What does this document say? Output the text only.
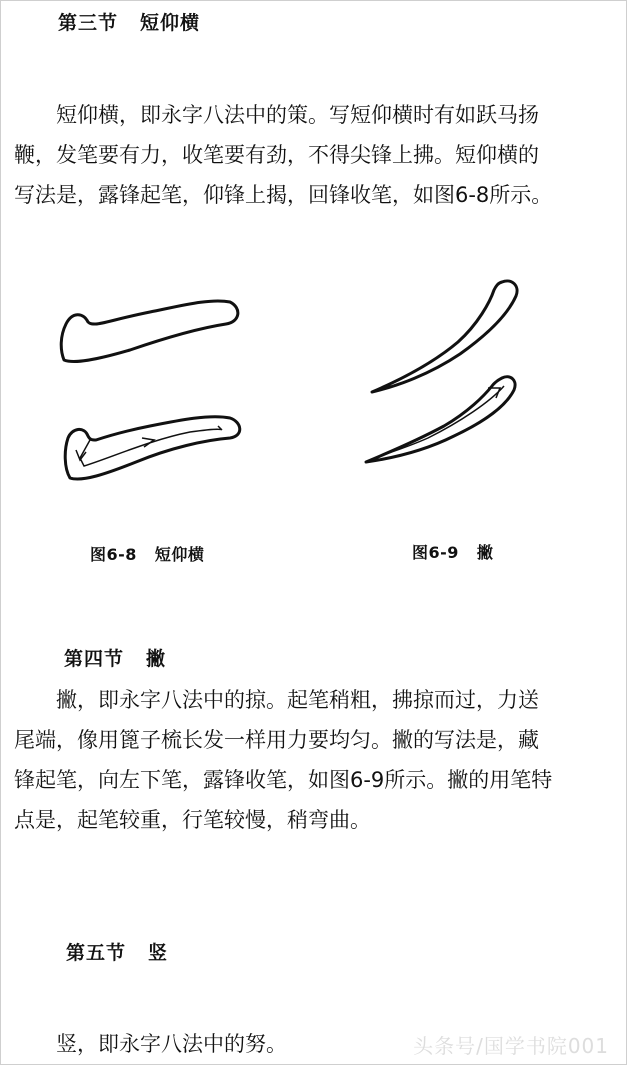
第三节 短仰横

短仰横，即永字八法中的策。写短仰横时有如跃马扬
鞭，发笔要有力，收笔要有劲，不得尖锋上拂。短仰横的
写法是，露锋起笔，仰锋上揭，回锋收笔，如图6-8所示。

图6-8 短仰横	图6-9 撇
第四节 撇

撇，即永字八法中的掠。起笔稍粗，拂掠而过，力送
尾端，像用篦子梳长发一样用力要均匀。撇的写法是，藏
锋起笔，向左下笔，露锋收笔，如图6-9所示。撇的用笔特
点是，起笔较重，行笔较慢，稍弯曲。

第五节 竖

竖，即永字八法中的努。	头条号/国学书院001
